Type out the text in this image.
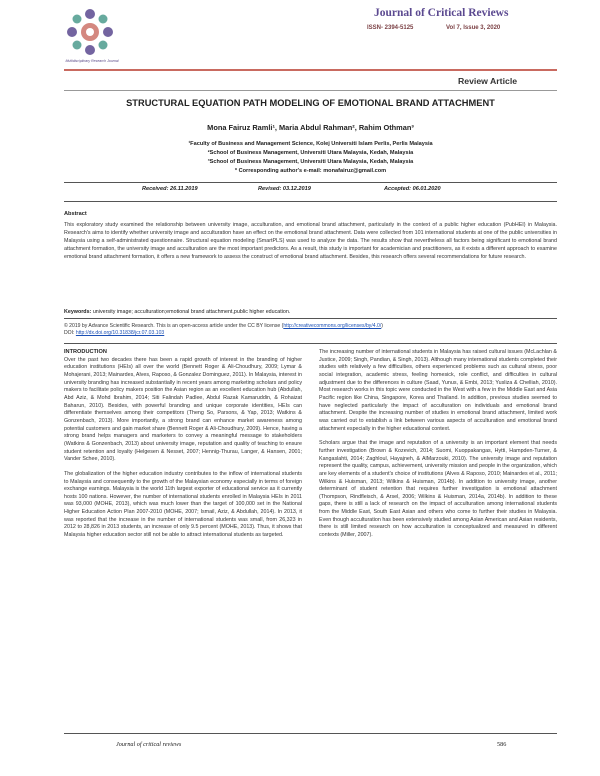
Multidisciplinary Research Journal
Journal of Critical Reviews
ISSN- 2394-5125	Vol 7, Issue 3, 2020
Review Article
STRUCTURAL EQUATION PATH MODELING OF EMOTIONAL BRAND ATTACHMENT
Mona Fairuz Ramli¹, Maria Abdul Rahman², Rahim Othman³
¹Faculty of Business and Management Science, Kolej Universiti Islam Perlis, Perlis Malaysia
²School of Business Management, Universiti Utara Malaysia, Kedah, Malaysia
³School of Business Management, Universiti Utara Malaysia, Kedah, Malaysia
* Corresponding author's e-mail: monafairuz@gmail.com
Received: 26.11.2019	Revised: 03.12.2019	Accepted: 06.01.2020
Abstract
This exploratory study examined the relationship between university image, acculturation, and emotional brand attachment, particularly in the context of a public higher education (PubHEI) in Malaysia. Research's aims to identify whether university image and acculturation have an effect on the emotional brand attachment. Data were collected from 101 international students at one of the public universities in Malaysia using a self-administrated questionnaire. Structural equation modeling (SmartPLS) was used to analyze the data. The results show that nevertheless all factors being significant to emotional brand attachment formation, the university image and acculturation are the most important predictors. As a result, this study is important for academician and practitioners, as it exists a different approach to examine emotional brand attachment formation, it offers a new framework to assess the construct of emotional brand attachment. Besides, this research offers several recommendations for future research.
Keywords: university image; acculturation;emotional brand attachment,public higher education.
© 2019 by Advance Scientific Research. This is an open-access article under the CC BY license (http://creativecommons.org/licenses/by/4.0/)
DOI: http://dx.doi.org/10.31838/jcr.07.03.103
INTRODUCTION

Over the past two decades there has been a rapid growth of interest in the branding of higher education institutions (HEIs) all over the world (Bennett Roger & Ali-Choudhury, 2009; Lymar & Mohajerani, 2013; Mainardes, Alves, Raposo, & Gonzalez Dominguez, 2011). In Malaysia, interest in university branding has increased substantially in recent years among marketing scholars and policy makers to facilitate policy makers position the Asian region as an excellent education hub (Abdullah, Abd Aziz, & Mohd Ibrahim, 2014; Siti Falindah Padlee, Abdul Razak Kamaruddin, & Rohaizat Baharun, 2010). Besides, with powerful branding and unique corporate identities, HEIs can differentiate themselves among their competitors (Theng So, Parsons, & Yap, 2013; Watkins & Gonzenbach, 2013). More importantly, a strong brand can enhance market awareness among potential customers and gain market share (Bennett Roger & Ali-Choudhury, 2009). Hence, having a strong brand helps managers and marketers to convey a meaningful message to stakeholders (Watkins & Gonzenbach, 2013) about university image, reputation and quality of teaching to ensure student retention and loyalty (Helgesen & Nesset, 2007; Hennig-Thurau, Langer, & Hansen, 2001; Vander Schee, 2010).

The globalization of the higher education industry contributes to the inflow of international students to Malaysia and consequently to the growth of the Malaysian economy especially in terms of foreign exchange earnings. Malaysia is the world 11th largest exporter of educational service as it currently hosts 100 nations. However, the number of international students enrolled in Malaysia HEIs in 2011 was 93,000 (MOHE, 2013), which was much lower than the target of 100,000 set in the National Higher Education Action Plan 2007-2010 (MOHE, 2007; Ismail, Aziz, & Abdullah, 2014). In 2013, it was reported that the increase in the number of international students was small, from 26,323 in 2012 to 28,826 in 2013 students, an increase of only 9.5 percent (MOHE, 2013). Thus, it shows that Malaysia higher education sector still not be able to attract international students as targeted.

The increasing number of international students in Malaysia has raised cultural issues (McLachlan & Justice, 2009; Singh, Pandian, & Singh, 2013). Although many international students completed their studies with relatively a few difficulties, others experienced problems such as cultural stress, poor social integration, academic stress, feeling homesick, role conflict, and difficulties in cultural adjustment due to the differences in culture (Saad, Yunus, & Embi, 2013; Yusliza & Chelliah, 2010). Most research works in this topic were conducted in the West with a few in the Middle East and Asia Pacific region like China, Singapore, Korea and Thailand. In addition, previous studies seemed to have neglected particularly the impact of acculturation on individuals and emotional brand attachment. Despite the increasing number of studies in emotional brand attachment, limited work was carried out to establish a link between various aspects of acculturation and emotional brand attachment especially in the higher educational context.

Scholars argue that the image and reputation of a university is an important element that needs further investigation (Brown & Kozevich, 2014; Suomi, Kuoppakangas, Hytti, Hampden-Turner, & Kangaslahti, 2014; Zaghloul, Hayajneh, & AlMarzouki, 2010). The university image and reputation represent the quality, campus, achievement, university mission and people in the organization, which are key elements of a student's choice of institutions (Alves & Raposo, 2010; Mainardes et al., 2011; Wilkins & Huisman, 2013; Wilkins & Huisman, 2014b). In addition to university image, another determinant of student retention that requires further investigation is emotional attachment (Thompson, Rindfleisch, & Arsel, 2006; Wilkins & Huisman, 2014a, 2014b). In addition to these gaps, there is still a lack of research on the impact of acculturation among international students from the Middle East, South East Asian and others who come to further their studies in Malaysia. Even though acculturation has been extensively studied among Asian American and Asian residents, there is still limited research on how acculturation is conceptualized and measured in different contexts (Miller, 2007).

Journal of critical reviews	586
